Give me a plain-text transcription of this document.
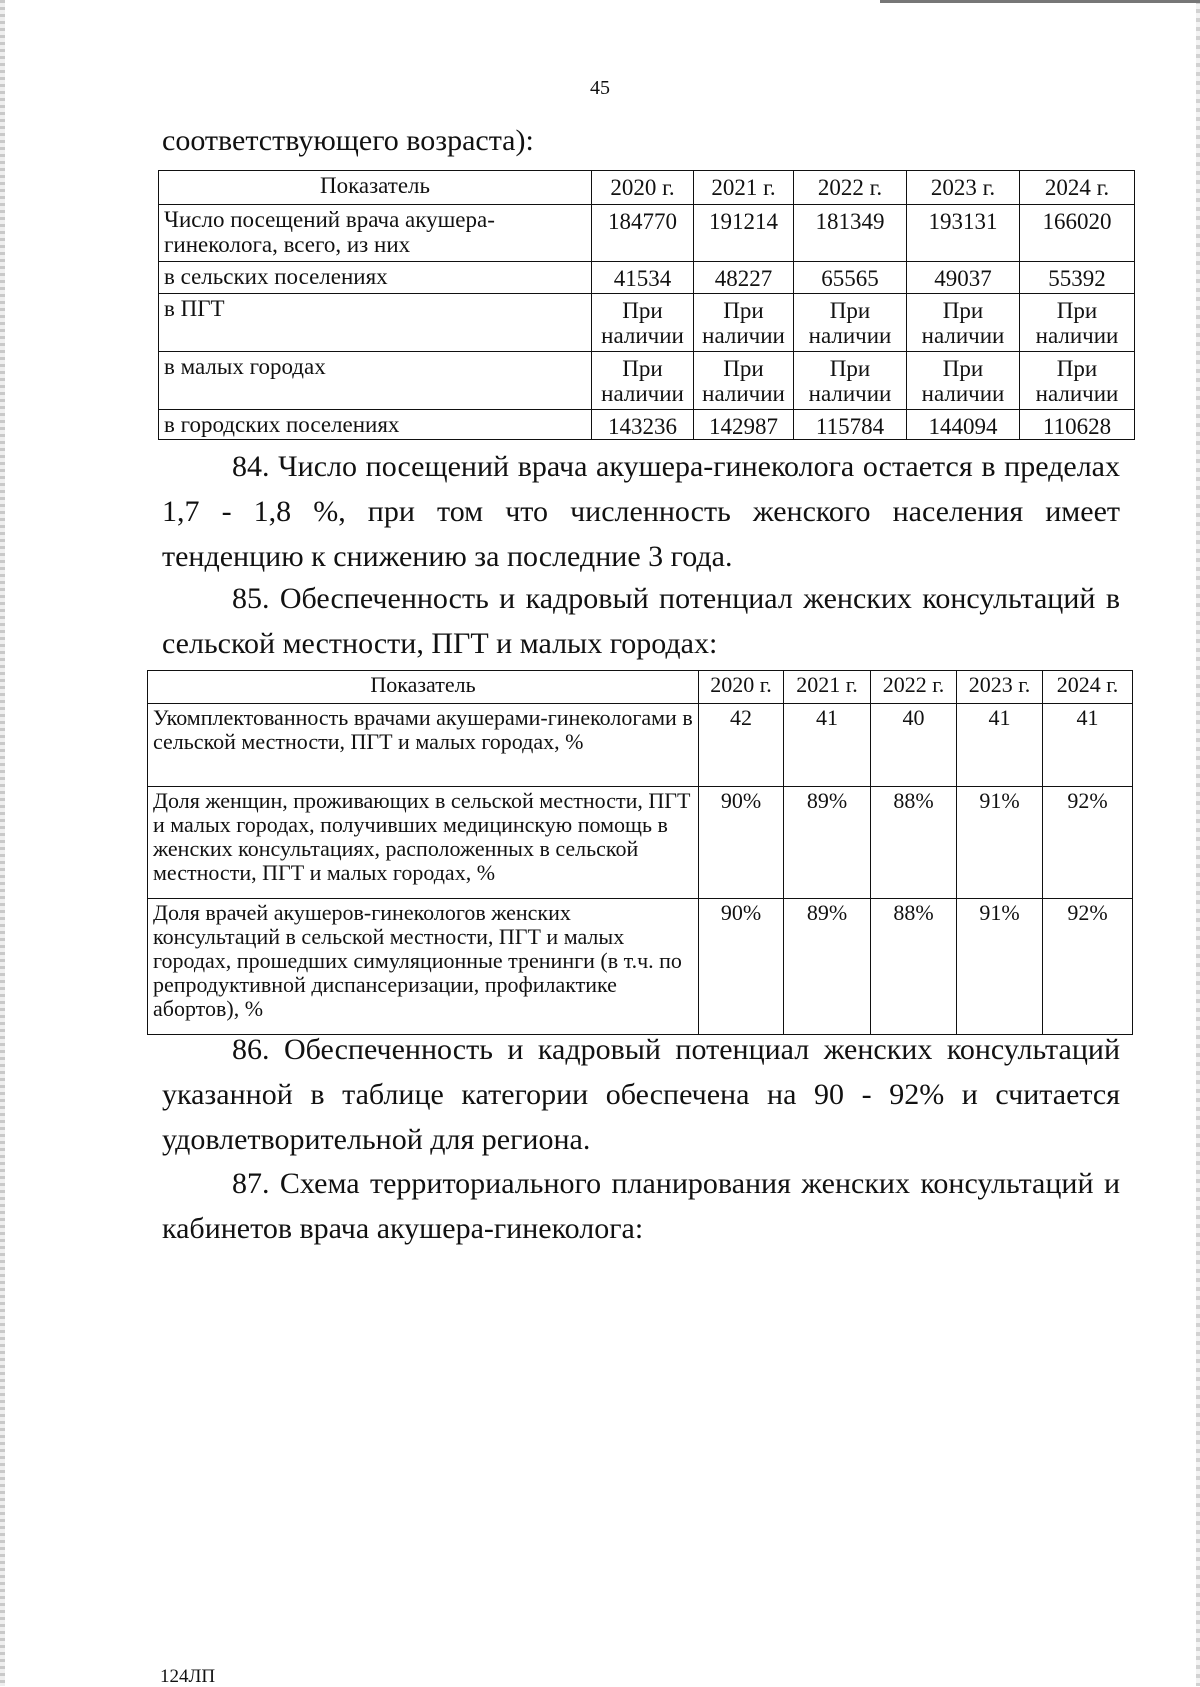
45

соответствующего возраста):

Показатель	2020 г.	2021 г.	2022 г.	2023 г.	2024 г.
Число посещений врача акушера-гинеколога, всего, из них	184770	191214	181349	193131	166020
в сельских поселениях	41534	48227	65565	49037	55392
в ПГТ	При наличии	При наличии	При наличии	При наличии	При наличии
в малых городах	При наличии	При наличии	При наличии	При наличии	При наличии
в городских поселениях	143236	142987	115784	144094	110628

84. Число посещений врача акушера-гинеколога остается в пределах 1,7 - 1,8 %, при том что численность женского населения имеет тенденцию к снижению за последние 3 года.

85. Обеспеченность и кадровый потенциал женских консультаций в сельской местности, ПГТ и малых городах:

Показатель	2020 г.	2021 г.	2022 г.	2023 г.	2024 г.
Укомплектованность врачами акушерами-гинекологами в сельской местности, ПГТ и малых городах, %	42	41	40	41	41
Доля женщин, проживающих в сельской местности, ПГТ и малых городах, получивших медицинскую помощь в женских консультациях, расположенных в сельской местности, ПГТ и малых городах, %	90%	89%	88%	91%	92%
Доля врачей акушеров-гинекологов женских консультаций в сельской местности, ПГТ и малых городах, прошедших симуляционные тренинги (в т.ч. по репродуктивной диспансеризации, профилактике абортов), %	90%	89%	88%	91%	92%

86. Обеспеченность и кадровый потенциал женских консультаций указанной в таблице категории обеспечена на 90 - 92% и считается удовлетворительной для региона.

87. Схема территориального планирования женских консультаций и кабинетов врача акушера-гинеколога:

124ЛП
